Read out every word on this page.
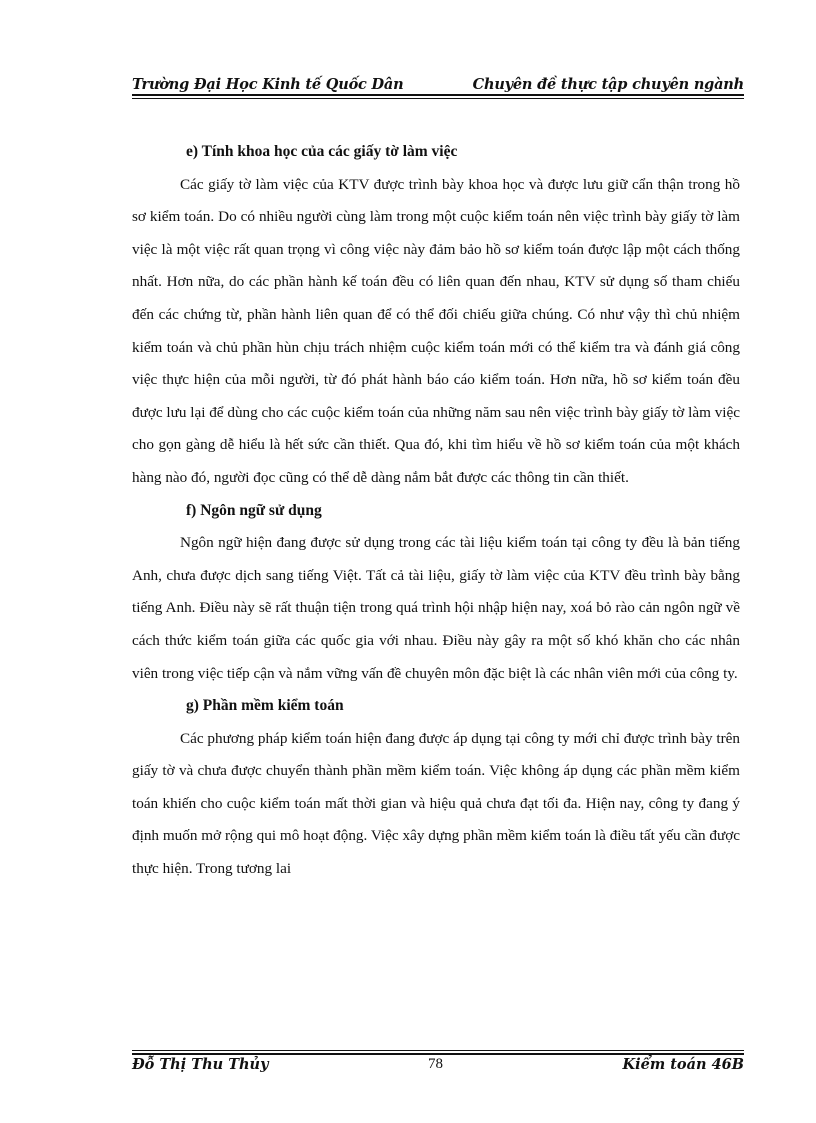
Trường Đại Học Kinh tế Quốc Dân	Chuyên đề thực tập chuyên ngành

e) Tính khoa học của các giấy tờ làm việc

Các giấy tờ làm việc của KTV được trình bày khoa học và được lưu giữ cẩn thận trong hồ sơ kiểm toán. Do có nhiều người cùng làm trong một cuộc kiểm toán nên việc trình bày giấy tờ làm việc là một việc rất quan trọng vì công việc này đảm bảo hồ sơ kiểm toán được lập một cách thống nhất. Hơn nữa, do các phần hành kế toán đều có liên quan đến nhau, KTV sử dụng số tham chiếu đến các chứng từ, phần hành liên quan để có thể đối chiếu giữa chúng. Có như vậy thì chủ nhiệm kiểm toán và chủ phần hùn chịu trách nhiệm cuộc kiểm toán mới có thể kiểm tra và đánh giá công việc thực hiện của mỗi người, từ đó phát hành báo cáo kiểm toán. Hơn nữa, hồ sơ kiểm toán đều được lưu lại để dùng cho các cuộc kiểm toán của những năm sau nên việc trình bày giấy tờ làm việc cho gọn gàng dễ hiểu là hết sức cần thiết. Qua đó, khi tìm hiểu về hồ sơ kiểm toán của một khách hàng nào đó, người đọc cũng có thể dễ dàng nắm bắt được các thông tin cần thiết.

f) Ngôn ngữ sử dụng

Ngôn ngữ hiện đang được sử dụng trong các tài liệu kiểm toán tại công ty đều là bản tiếng Anh, chưa được dịch sang tiếng Việt. Tất cả tài liệu, giấy tờ làm việc của KTV đều trình bày bằng tiếng Anh. Điều này sẽ rất thuận tiện trong quá trình hội nhập hiện nay, xoá bỏ rào cản ngôn ngữ về cách thức kiểm toán giữa các quốc gia với nhau. Điều này gây ra một số khó khăn cho các nhân viên trong việc tiếp cận và nắm vững vấn đề chuyên môn đặc biệt là các nhân viên mới của công ty.

g) Phần mềm kiểm toán

Các phương pháp kiểm toán hiện đang được áp dụng tại công ty mới chỉ được trình bày trên giấy tờ và chưa được chuyển thành phần mềm kiểm toán. Việc không áp dụng các phần mềm kiểm toán khiến cho cuộc kiểm toán mất thời gian và hiệu quả chưa đạt tối đa. Hiện nay, công ty đang ý định muốn mở rộng qui mô hoạt động. Việc xây dựng phần mềm kiểm toán là điều tất yếu cần được thực hiện. Trong tương lai

Đỗ Thị Thu Thủy	78	Kiểm toán 46B
